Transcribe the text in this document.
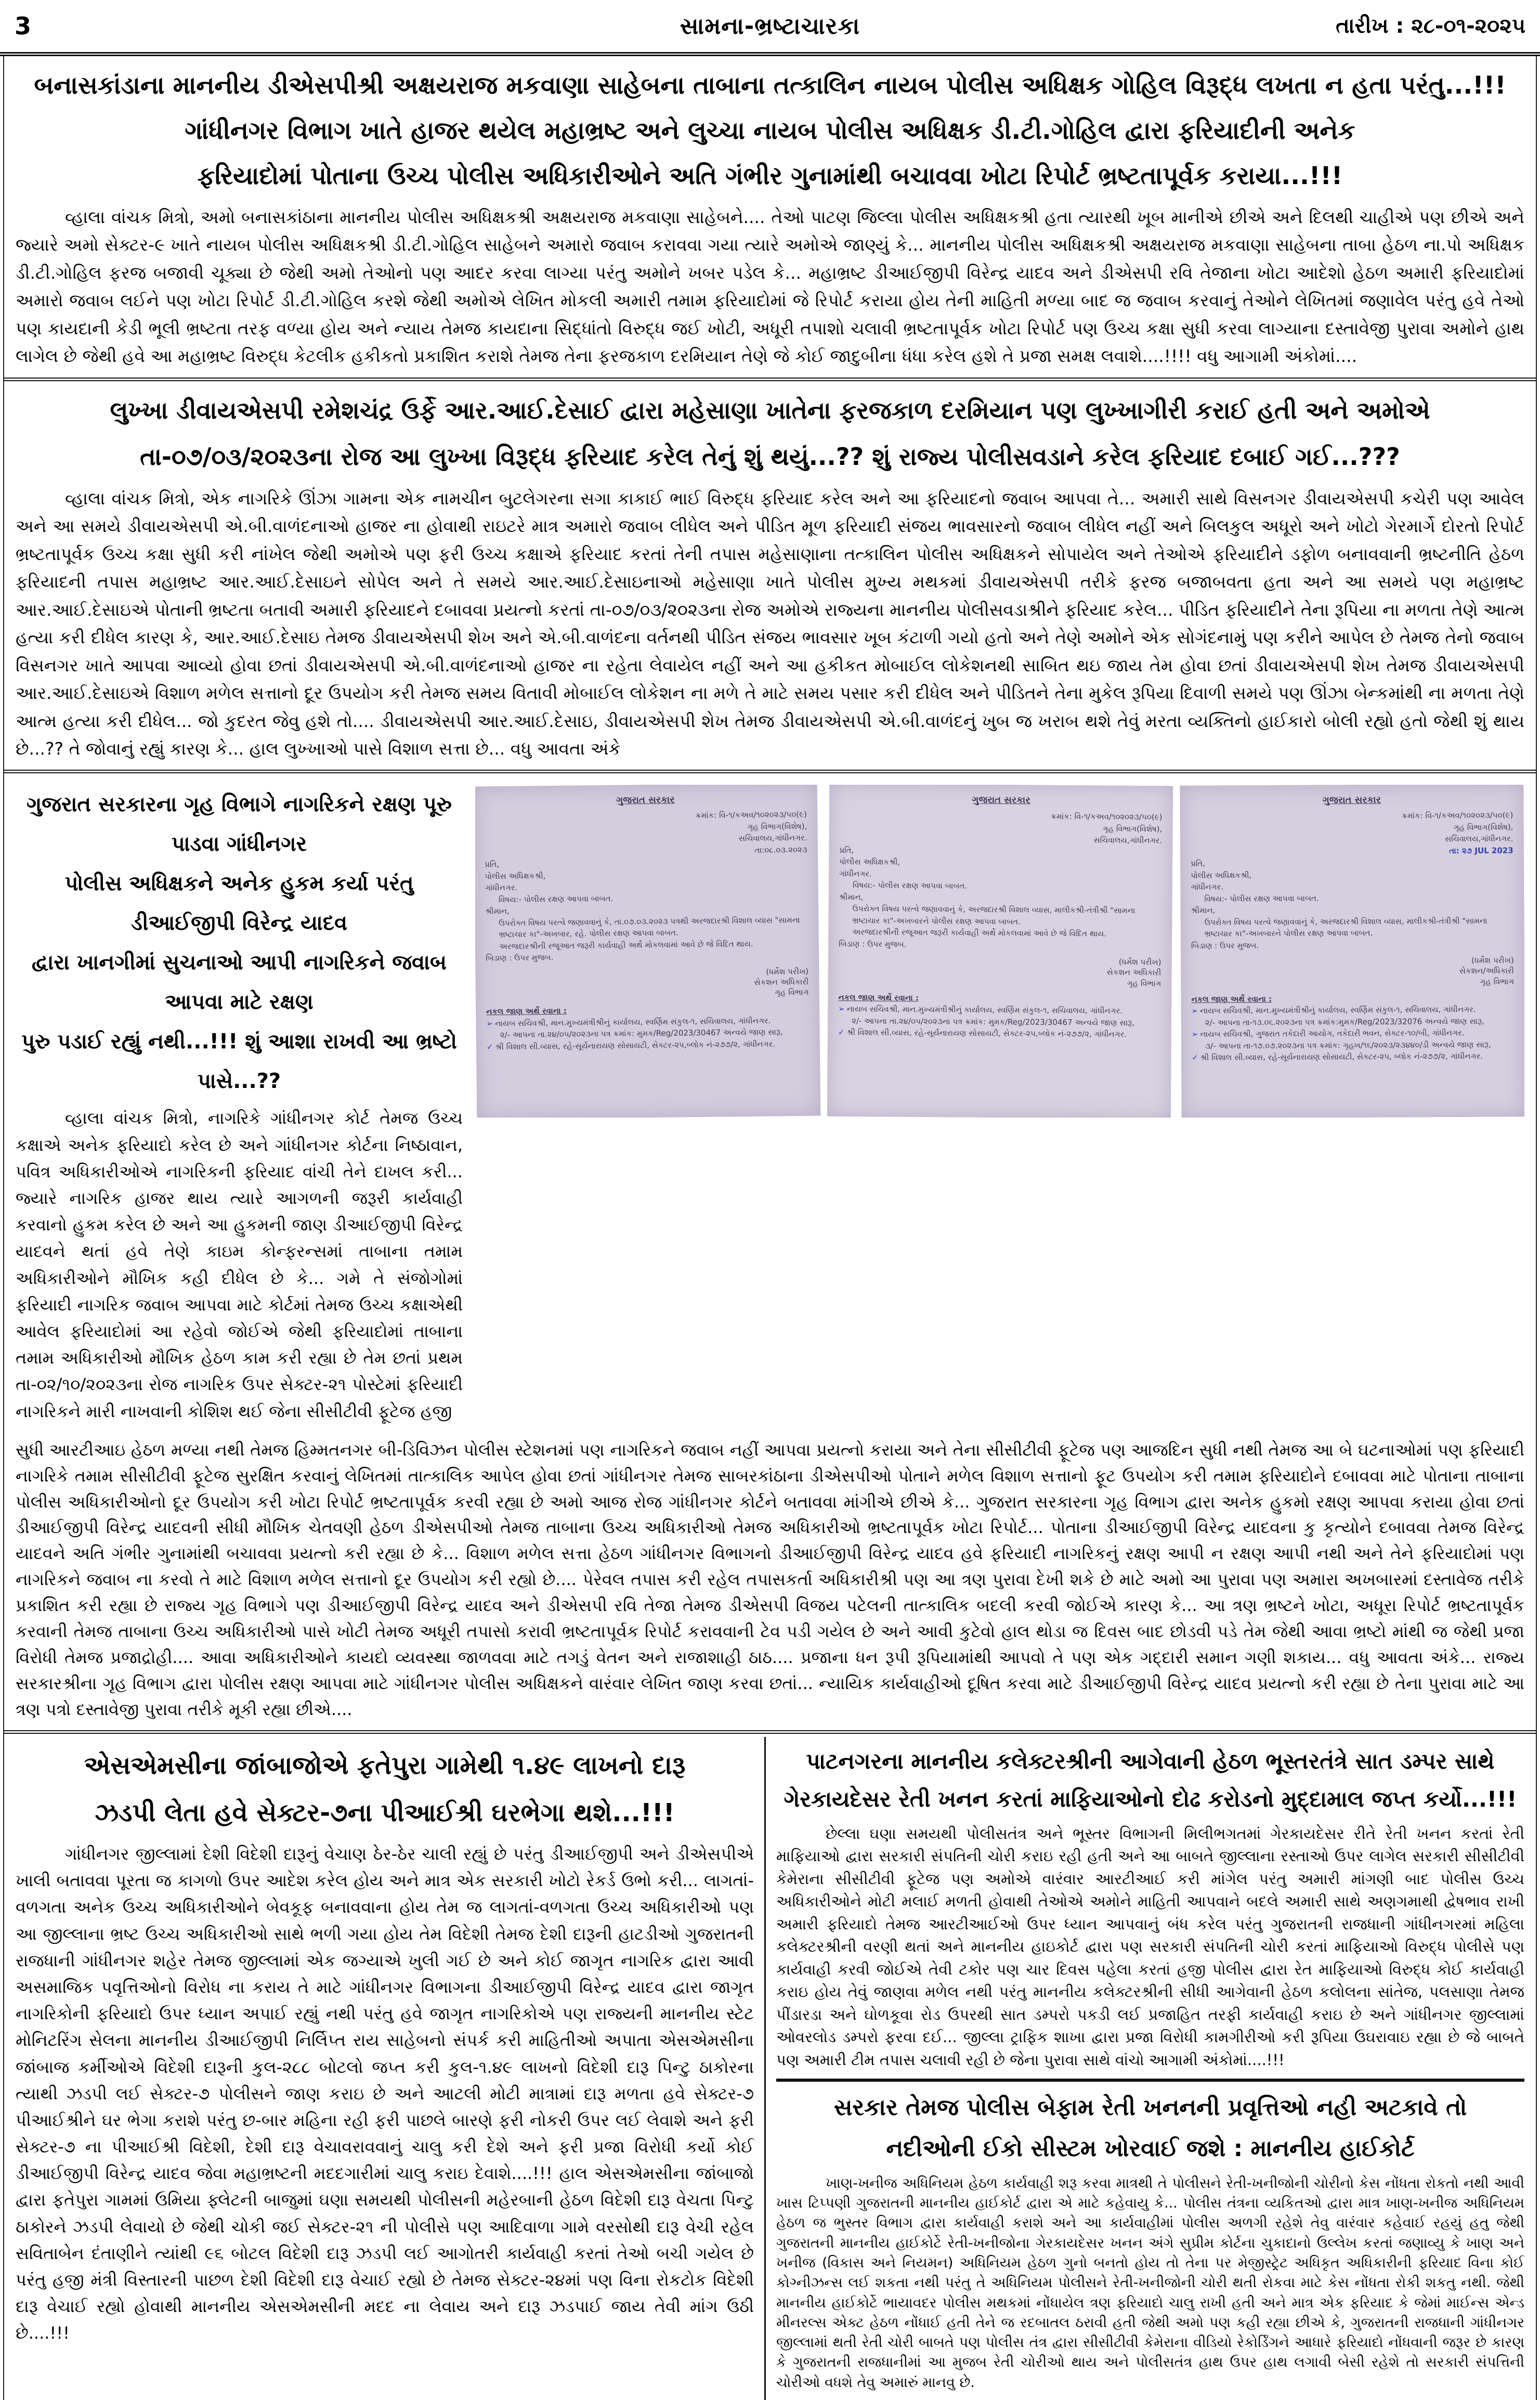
3	સામના-ભ્રષ્ટાચારકા	તારીખ : ૨૮-૦૧-૨૦૨૫
બનાસકાંડાના માનનીય ડીએસપીશ્રી અક્ષયરાજ મકવાણા સાહેબના તાબાના તત્કાલિન નાયબ પોલીસ અધિક્ષક ગોહિલ વિરૂદ્ધ લખતા ન હતા પરંતુ...!!!
ગાંધીનગર વિભાગ ખાતે હાજર થયેલ મહાભ્રષ્ટ અને લુચ્ચા નાયબ પોલીસ અધિક્ષક ડી.ટી.ગોહિલ દ્વારા ફરિયાદીની અનેક
ફરિયાદોમાં પોતાના ઉચ્ચ પોલીસ અધિકારીઓને અતિ ગંભીર ગુનામાંથી બચાવવા ખોટા રિપોર્ટ ભ્રષ્ટતાપૂર્વક કરાયા...!!!

વ્હાલા વાંચક મિત્રો, અમો બનાસકાંઠાના માનનીય પોલીસ અધિક્ષકશ્રી અક્ષયરાજ મકવાણા સાહેબને.... તેઓ પાટણ જિલ્લા પોલીસ અધિક્ષકશ્રી હતા ત્યારથી ખૂબ માનીએ છીએ અને દિલથી ચાહીએ પણ છીએ અને જ્યારે અમો સેક્ટર-૯ ખાતે નાયબ પોલીસ અધિક્ષકશ્રી ડી.ટી.ગોહિલ સાહેબને અમારો જવાબ કરાવવા ગયા ત્યારે અમોએ જાણ્યું કે... માનનીય પોલીસ અધિક્ષકશ્રી અક્ષયરાજ મકવાણા સાહેબના તાબા હેઠળ ના.પો અધિક્ષક ડી.ટી.ગોહિલ ફરજ બજાવી ચૂક્યા છે જેથી અમો તેઓનો પણ આદર કરવા લાગ્યા પરંતુ અમોને ખબર પડેલ કે... મહાભ્રષ્ટ ડીઆઈજીપી વિરેન્દ્ર યાદવ અને ડીએસપી રવિ તેજાના ખોટા આદેશો હેઠળ અમારી ફરિયાદોમાં અમારો જવાબ લઈને પણ ખોટા રિપોર્ટ ડી.ટી.ગોહિલ કરશે જેથી અમોએ લેખિત મોકલી અમારી તમામ ફરિયાદોમાં જે રિપોર્ટ કરાયા હોય તેની માહિતી મળ્યા બાદ જ જવાબ કરવાનું તેઓને લેખિતમાં જણાવેલ પરંતુ હવે તેઓ પણ કાયદાની કેડી ભૂલી ભ્રષ્ટતા તરફ વળ્યા હોય અને ન્યાય તેમજ કાયદાના સિદ્ધાંતો વિરુદ્ધ જઈ ખોટી, અધૂરી તપાશો ચલાવી ભ્રષ્ટતાપૂર્વક ખોટા રિપોર્ટ પણ ઉચ્ચ કક્ષા સુધી કરવા લાગ્યાના દસ્તાવેજી પુરાવા અમોને હાથ લાગેલ છે જેથી હવે આ મહાભ્રષ્ટ વિરુદ્ધ કેટલીક હકીકતો પ્રકાશિત કરાશે તેમજ તેના ફરજકાળ દરમિયાન તેણે જે કોઈ જાદુબીના ધંધા કરેલ હશે તે પ્રજા સમક્ષ લવાશે....!!!! વધુ આગામી અંકોમાં....

લુખ્ખા ડીવાયએસપી રમેશચંદ્ર ઉર્ફે આર.આઈ.દેસાઈ દ્વારા મહેસાણા ખાતેના ફરજકાળ દરમિયાન પણ લુખ્ખાગીરી કરાઈ હતી અને અમોએ
તા-૦૭/૦૩/૨૦૨૩ના રોજ આ લુખ્ખા વિરૂદ્ધ ફરિયાદ કરેલ તેનું શું થયું...?? શું રાજ્ય પોલીસવડાને કરેલ ફરિયાદ દબાઈ ગઈ...???

વ્હાલા વાંચક મિત્રો, એક નાગરિકે ઊંઝા ગામના એક નામચીન બુટલેગરના સગા કાકાઈ ભાઈ વિરુદ્ધ ફરિયાદ કરેલ અને આ ફરિયાદનો જવાબ આપવા તે... અમારી સાથે વિસનગર ડીવાયએસપી કચેરી પણ આવેલ અને આ સમયે ડીવાયએસપી એ.બી.વાળંદનાઓ હાજર ના હોવાથી રાઇટરે માત્ર અમારો જવાબ લીધેલ અને પીડિત મૂળ ફરિયાદી સંજય ભાવસારનો જવાબ લીધેલ નહીં અને બિલકુલ અધૂરો અને ખોટો ગેરમાર્ગે દોરતો રિપોર્ટ ભ્રષ્ટતાપૂર્વક ઉચ્ચ કક્ષા સુધી કરી નાંખેલ જેથી અમોએ પણ ફરી ઉચ્ચ કક્ષાએ ફરિયાદ કરતાં તેની તપાસ મહેસાણાના તત્કાલિન પોલીસ અધિક્ષકને સોપાયેલ અને તેઓએ ફરિયાદીને ડફોળ બનાવવાની ભ્રષ્ટનીતિ હેઠળ ફરિયાદની તપાસ મહાભ્રષ્ટ આર.આઈ.દેસાઇને સોપેલ અને તે સમયે આર.આઈ.દેસાઇનાઓ મહેસાણા ખાતે પોલીસ મુખ્ય મથકમાં ડીવાયએસપી તરીકે ફરજ બજાબવતા હતા અને આ સમયે પણ મહાભ્રષ્ટ આર.આઈ.દેસાઇએ પોતાની ભ્રષ્ટતા બતાવી અમારી ફરિયાદને દબાવવા પ્રયત્નો કરતાં તા-૦૭/૦૩/૨૦૨૩ના રોજ અમોએ રાજ્યના માનનીય પોલીસવડાશ્રીને ફરિયાદ કરેલ... પીડિત ફરિયાદીને તેના રૂપિયા ના મળતા તેણે આત્મ હત્યા કરી દીધેલ કારણ કે, આર.આઈ.દેસાઇ તેમજ ડીવાયએસપી શેખ અને એ.બી.વાળંદના વર્તનથી પીડિત સંજય ભાવસાર ખૂબ કંટાળી ગયો હતો અને તેણે અમોને એક સોગંદનામું પણ કરીને આપેલ છે તેમજ તેનો જવાબ વિસનગર ખાતે આપવા આવ્યો હોવા છતાં ડીવાયએસપી એ.બી.વાળંદનાઓ હાજર ના રહેતા લેવાયેલ નહીં અને આ હકીકત મોબાઈલ લોકેશનથી સાબિત થઇ જાય તેમ હોવા છતાં ડીવાયએસપી શેખ તેમજ ડીવાયએસપી આર.આઈ.દેસાઇએ વિશાળ મળેલ સત્તાનો દૂર ઉપયોગ કરી તેમજ સમય વિતાવી મોબાઈલ લોકેશન ના મળે તે માટે સમય પસાર કરી દીધેલ અને પીડિતને તેના મુકેલ રૂપિયા દિવાળી સમયે પણ ઊંઝા બેન્કમાંથી ના મળતા તેણે આત્મ હત્યા કરી દીધેલ... જો કુદરત જેવુ હશે તો.... ડીવાયએસપી આર.આઈ.દેસાઇ, ડીવાયએસપી શેખ તેમજ ડીવાયએસપી એ.બી.વાળંદનું ખુબ જ ખરાબ થશે તેવું મરતા વ્યક્તિનો હાઈકારો બોલી રહ્યો હતો જેથી શું થાય છે...?? તે જોવાનું રહ્યું કારણ કે... હાલ લુખ્ખાઓ પાસે વિશાળ સત્તા છે... વધુ આવતા અંકે

ગુજરાત સરકારના ગૃહ વિભાગે નાગરિકને રક્ષણ પૂરુ પાડવા ગાંધીનગર
પોલીસ અધિક્ષકને અનેક હુકમ કર્યા પરંતુ ડીઆઈજીપી વિરેન્દ્ર યાદવ
દ્વારા ખાનગીમાં સુચનાઓ આપી નાગરિકને જવાબ આપવા માટે રક્ષણ
પુરુ પડાઈ રહ્યું નથી...!!! શું આશા રાખવી આ ભ્રષ્ટો પાસે...??

વ્હાલા વાંચક મિત્રો, નાગરિકે ગાંધીનગર કોર્ટ તેમજ ઉચ્ચ કક્ષાએ અનેક ફરિયાદો કરેલ છે અને ગાંધીનગર કોર્ટના નિષ્ઠાવાન, પવિત્ર અધિકારીઓએ નાગરિકની ફરિયાદ વાંચી તેને દાખલ કરી... જ્યારે નાગરિક હાજર થાય ત્યારે આગળની જરૂરી કાર્યવાહી કરવાનો હુકમ કરેલ છે અને આ હુકમની જાણ ડીઆઈજીપી વિરેન્દ્ર યાદવને થતાં હવે તેણે કાઇમ કોન્ફરન્સમાં તાબાના તમામ અધિકારીઓને મૌખિક કહી દીધેલ છે કે... ગમે તે સંજોગોમાં ફરિયાદી નાગરિક જવાબ આપવા માટે કોર્ટમાં તેમજ ઉચ્ચ કક્ષાએથી આવેલ ફરિયાદોમાં આ રહેવો જોઈએ જેથી ફરિયાદોમાં તાબાના તમામ અધિકારીઓ મૌખિક હેઠળ કામ કરી રહ્યા છે તેમ છતાં પ્રથમ તા-૦૨/૧૦/૨૦૨૩ના રોજ નાગરિક ઉપર સેક્ટર-૨૧ પોસ્ટેમાં ફરિયાદી નાગરિકને મારી નાખવાની કોશિશ થઈ જેના સીસીટીવી ફૂટેજ હજી

ગુજરાત સરકાર
ક્રમાંક: વિ-૧/કઅવ/૧૦૨૦૨૩/૫૦(૯)
ગૃહ વિભાગ(વિશેષ),
સચિવાલય,ગાંધીનગર.
તા:૦૮.૦૩.૨૦૨૩
પ્રતિ,
પોલીસ અધિક્ષકશ્રી,
ગાંધીનગર.
વિષય:- પોલીસ રક્ષણ આપવા બાબત.
શ્રીમાન,
ઉપરોક્ત વિષય પરત્વે જણાવવાનું કે, તા.૦૭.૦૩.૨૦૨૩ પત્રથી અરજદારશ્રી વિશાલ વ્યાસ "સામના ભ્રષ્ટાચાર કા"-અખબાર, રહે. પોલીસ રક્ષણ આપવા બાબત.
અરજદારશ્રીની રજૂઆત જરૂરી કાર્યવાહી અર્થે મોકલવામાં આવે છે જે વિદિત થાય.
બિડાણ : ઉપર મુજબ.
(ધર્મેશ પરીખ)
સેકશન અધિકારી
ગૃહ વિભાગ
નકલ જાણ અર્થે રવાના :
➢ નાયબ સચિવશ્રી, માન.મુખ્યમંત્રીશ્રીનું કાર્યાલય, સ્વર્ણિમ સંકુલ-૧, સચિવાલય, ગાંધીનગર.
૨/- આપના તા.૨૪/૦૫/૨૦૨૩ના પત્ર ક્રમાંક: મુમક/Reg/2023/30467 અન્વયે જાણ સારૂ,
✓ શ્રી વિશાલ સી.વ્યાસ, રહે-સૂર્યનારાયણ સોસાયટી, સેક્ટર-૨૫,બ્લોક નં-૨૭૭/૨, ગાંધીનગર.
ગુજરાત સરકાર
ક્રમાંક: વિ-૧/કઅવ/૧૦૨૦૨૩/૫૦(૯)
ગૃહ વિભાગ(વિશેષ),
સચિવાલય,ગાંધીનગર.
પ્રતિ,
પોલીસ અધિક્ષકશ્રી,
ગાંધીનગર.
વિષય:- પોલીસ રક્ષણ આપવા બાબત.
શ્રીમાન,
ઉપરોક્ત વિષય પરત્વે જણાવવાનું કે, અરજદારશ્રી વિશાલ વ્યાસ, માલીકશ્રી-તંત્રીશ્રી "સામના ભ્રષ્ટાચાર કા"-અખબારને પોલીસ રક્ષણ આપવા બાબત.
અરજદારશ્રીની રજૂઆત જરૂરી કાર્યવાહી અર્થે મોકલવામાં આવે છે જે વિદિત થાય.
બિડાણ : ઉપર મુજબ.
(ધર્મેશ પરીખ)
સેકશન અધિકારી
ગૃહ વિભાગ
નકલ જાણ અર્થે રવાના :
➢ નાયબ સચિવશ્રી, માન.મુખ્યમંત્રીશ્રીનું કાર્યાલય, સ્વર્ણિમ સંકુલ-૧, સચિવાલય, ગાંધીનગર.
૨/- આપના તા.૨૪/૦૫/૨૦૨૩ના પત્ર ક્રમાંક: મુમક/Reg/2023/30467 અન્વયે જાણ સારૂ,
✓ શ્રી વિશાલ સી.વ્યાસ, રહે-સૂર્યનારાયણ સોસાયટી, સેક્ટર-૨૫,બ્લોક નં-૨૭૭/૨, ગાંધીનગર.
ગુજરાત સરકાર
ક્રમાંક: વિ-૧/કઅવ/૧૦૨૦૨૩/૫૦(૯)
ગૃહ વિભાગ(વિશેષ),
સચિવાલય,ગાંધીનગર.
તા: ૨૭ JUL 2023
પ્રતિ,
પોલીસ અધિક્ષકશ્રી,
ગાંધીનગર.
વિષય:- પોલીસ રક્ષણ આપવા બાબત.
શ્રીમાન,
ઉપરોક્ત વિષય પરત્વે જણાવવાનું કે, અરજદારશ્રી વિશાલ વ્યાસ, માલીકશ્રી-તંત્રીશ્રી "સામના ભ્રષ્ટાચાર કા"-અખબારને પોલીસ રક્ષણ આપવા બાબત.
બિડાણ : ઉપર મુજબ.
(ધર્મેશ પરીખ)
સેકશન/અધિકારી
ગૃહ વિભાગ
નકલ જાણ અર્થે રવાના :
➢ નાયબ સચિવશ્રી, માન.મુખ્યમંત્રીશ્રીનું કાર્યાલય, સ્વર્ણિમ સંકુલ-૧, સચિવાલય, ગાંધીનગર.
૨/- આપના તા-૧૩.૦૬.૨૦૨૩ના પત્ર ક્રમાંક:મુમક/Reg/2023/32076 અન્વયે જાણ સારૂ,
➢ નાયબ સચિવશ્રી, ગુજરાત તકેદારી આયોગ, તકેદારી ભવન, સેક્ટર-૧૦/બી, ગાંધીનગર.
૩/- આપના તા-૧૭.૦૭.૨૦૨૩ના પત્ર ક્રમાંક: ગૃહખ/૧૬/૨૦૨૩/૨૩૪૪૦/ડી અન્વયે જાણ સારૂ,
✓ શ્રી વિશાલ સી.વ્યાસ, રહે-સૂર્યનારાયણ સોસાયટી, સેક્ટર-૨૫, બ્લોક નં-૨૭૭/૨, ગાંધીનગર.

સુધી આરટીઆઇ હેઠળ મળ્યા નથી તેમજ હિમ્મતનગર બી-ડિવિઝન પોલીસ સ્ટેશનમાં પણ નાગરિકને જવાબ નહીં આપવા પ્રયત્નો કરાયા અને તેના સીસીટીવી ફૂટેજ પણ આજદિન સુધી નથી તેમજ આ બે ઘટનાઓમાં પણ ફરિયાદી નાગરિકે તમામ સીસીટીવી ફૂટેજ સુરક્ષિત કરવાનું લેખિતમાં તાત્કાલિક આપેલ હોવા છતાં ગાંધીનગર તેમજ સાબરકાંઠાના ડીએસપીઓ પોતાને મળેલ વિશાળ સત્તાનો ફૂટ ઉપયોગ કરી તમામ ફરિયાદોને દબાવવા માટે પોતાના તાબાના પોલીસ અધિકારીઓનો દૂર ઉપયોગ કરી ખોટા રિપોર્ટ ભ્રષ્ટતાપૂર્વક કરવી રહ્યા છે અમો આજ રોજ ગાંધીનગર કોર્ટને બતાવવા માંગીએ છીએ કે... ગુજરાત સરકારના ગૃહ વિભાગ દ્વારા અનેક હુકમો રક્ષણ આપવા કરાયા હોવા છતાં ડીઆઈજીપી વિરેન્દ્ર યાદવની સીધી મૌખિક ચેતવણી હેઠળ ડીએસપીઓ તેમજ તાબાના ઉચ્ચ અધિકારીઓ તેમજ અધિકારીઓ ભ્રષ્ટતાપૂર્વક ખોટા રિપોર્ટ... પોતાના ડીઆઈજીપી વિરેન્દ્ર યાદવના કુ કૃત્યોને દબાવવા તેમજ વિરેન્દ્ર યાદવને અતિ ગંભીર ગુનામાંથી બચાવવા પ્રયત્નો કરી રહ્યા છે કે... વિશાળ મળેલ સત્તા હેઠળ ગાંધીનગર વિભાગનો ડીઆઈજીપી વિરેન્દ્ર યાદવ હવે ફરિયાદી નાગરિકનું રક્ષણ આપી ન રક્ષણ આપી નથી અને તેને ફરિયાદોમાં પણ નાગરિકને જવાબ ના કરવો તે માટે વિશાળ મળેલ સત્તાનો દૂર ઉપયોગ કરી રહ્યો છે.... પેરેવલ તપાસ કરી રહેલ તપાસકર્તા અધિકારીશ્રી પણ આ ત્રણ પુરાવા દેખી શકે છે માટે અમો આ પુરાવા પણ અમારા અખબારમાં દસ્તાવેજ તરીકે પ્રકાશિત કરી રહ્યા છે રાજ્ય ગૃહ વિભાગે પણ ડીઆઈજીપી વિરેન્દ્ર યાદવ અને ડીએસપી રવિ તેજા તેમજ ડીએસપી વિજય પટેલની તાત્કાલિક બદલી કરવી જોઈએ કારણ કે... આ ત્રણ ભ્રષ્ટને ખોટા, અધૂરા રિપોર્ટ ભ્રષ્ટતાપૂર્વક કરવાની તેમજ તાબાના ઉચ્ચ અધિકારીઓ પાસે ખોટી તેમજ અધૂરી તપાસો કરાવી ભ્રષ્ટતાપૂર્વક રિપોર્ટ કરાવવાની ટેવ પડી ગયેલ છે અને આવી કુટેવો હાલ થોડા જ દિવસ બાદ છોડવી પડે તેમ જેથી આવા ભ્રષ્ટો માંથી જ જેથી પ્રજા વિરોધી તેમજ પ્રજાદ્રોહી.... આવા અધિકારીઓને કાયદો વ્યવસ્થા જાળવવા માટે તગડું વેતન અને રાજાશાહી ઠાઠ.... પ્રજાના ધન રૂપી રૂપિયામાંથી આપવો તે પણ એક ગદ્દારી સમાન ગણી શકાય... વધુ આવતા અંકે... રાજ્ય સરકારશ્રીના ગૃહ વિભાગ દ્વારા પોલીસ રક્ષણ આપવા માટે ગાંધીનગર પોલીસ અધિક્ષકને વારંવાર લેખિત જાણ કરવા છતાં... ન્યાયિક કાર્યવાહીઓ દૂષિત કરવા માટે ડીઆઈજીપી વિરેન્દ્ર યાદવ પ્રયત્નો કરી રહ્યા છે તેના પુરાવા માટે આ ત્રણ પત્રો દસ્તાવેજી પુરાવા તરીકે મૂકી રહ્યા છીએ....

એસએમસીના જાંબાજોએ ફતેપુરા ગામેથી ૧.૪૯ લાખનો દારૂ
ઝડપી લેતા હવે સેક્ટર-૭ના પીઆઈશ્રી ઘરભેગા થશે...!!!

ગાંધીનગર જીલ્લામાં દેશી વિદેશી દારૂનું વેચાણ ઠેર-ઠેર ચાલી રહ્યું છે પરંતુ ડીઆઈજીપી અને ડીએસપીએ ખાલી બતાવવા પૂરતા જ કાગળો ઉપર આદેશ કરેલ હોય અને માત્ર એક સરકારી ખોટો રેકર્ડ ઉભો કરી... લાગતાં-વળગતા અનેક ઉચ્ચ અધિકારીઓને બેવકૂફ બનાવવાના હોય તેમ જ લાગતાં-વળગતા ઉચ્ચ અધિકારીઓ પણ આ જીલ્લાના ભ્રષ્ટ ઉચ્ચ અધિકારીઓ સાથે ભળી ગયા હોય તેમ વિદેશી તેમજ દેશી દારૂની હાટડીઓ ગુજરાતની રાજધાની ગાંધીનગર શહેર તેમજ જીલ્લામાં એક જગ્યાએ ખુલી ગઈ છે અને કોઈ જાગૃત નાગરિક દ્વારા આવી અસમાજિક પવૃત્તિઓનો વિરોધ ના કરાય તે માટે ગાંધીનગર વિભાગના ડીઆઈજીપી વિરેન્દ્ર યાદવ દ્વારા જાગૃત નાગરિકોની ફરિયાદો ઉપર ધ્યાન અપાઈ રહ્યું નથી પરંતુ હવે જાગૃત નાગરિકોએ પણ રાજ્યની માનનીય સ્ટેટ મોનિટરિંગ સેલના માનનીય ડીઆઈજીપી નિર્લિપ્ત રાય સાહેબનો સંપર્ક કરી માહિતીઓ અપાતા એસએમસીના જાંબાજ કર્મીઓએ વિદેશી દારૂની કુલ-૨૮૮ બોટલો જપ્ત કરી કુલ-૧.૪૯ લાખનો વિદેશી દારૂ પિન્ટુ ઠાકોરના ત્યાથી ઝડપી લઈ સેક્ટર-૭ પોલીસને જાણ કરાઇ છે અને આટલી મોટી માત્રામાં દારૂ મળતા હવે સેક્ટર-૭ પીઆઈશ્રીને ઘર ભેગા કરાશે પરંતુ છ-બાર મહિના રહી ફરી પાછલે બારણે ફરી નોકરી ઉપર લઈ લેવાશે અને ફરી સેક્ટર-૭ ના પીઆઈશ્રી વિદેશી, દેશી દારૂ વેચાવરાવવાનું ચાલુ કરી દેશે અને ફરી પ્રજા વિરોધી કર્યો કોઈ ડીઆઈજીપી વિરેન્દ્ર યાદવ જેવા મહાભ્રષ્ટની મદદગારીમાં ચાલુ કરાઇ દેવાશે....!!! હાલ એસએમસીના જાંબાજો દ્વારા ફતેપુરા ગામમાં ઉમિયા ફ્લેટની બાજુમાં ઘણા સમયથી પોલીસની મહેરબાની હેઠળ વિદેશી દારૂ વેચતા પિન્ટુ ઠાકોરને ઝડપી લેવાયો છે જેથી ચોકી જઈ સેક્ટર-૨૧ ની પોલીસે પણ આદિવાળા ગામે વરસોથી દારૂ વેચી રહેલ સવિતાબેન દંતાણીને ત્યાંથી ૯૬ બોટલ વિદેશી દારૂ ઝડપી લઈ આગોતરી કાર્યવાહી કરતાં તેઓ બચી ગયેલ છે પરંતુ હજી મંત્રી વિસ્તારની પાછળ દેશી વિદેશી દારૂ વેચાઈ રહ્યો છે તેમજ સેક્ટર-૨૪માં પણ વિના રોકટોક વિદેશી દારૂ વેચાઈ રહ્યો હોવાથી માનનીય એસએમસીની મદદ ના લેવાય અને દારૂ ઝડપાઈ જાય તેવી માંગ ઉઠી છે....!!!

પાટનગરના માનનીય કલેક્ટરશ્રીની આગેવાની હેઠળ ભૂસ્તરતંત્રે સાત ડમ્પર સાથે
ગેરકાયદેસર રેતી ખનન કરતાં માફિયાઓનો દોઢ કરોડનો મુદ્દામાલ જપ્ત કર્યો...!!!

છેલ્લા ઘણા સમયથી પોલીસતંત્ર અને ભૂસ્તર વિભાગની મિલીભગતમાં ગેરકાયદેસર રીતે રેતી ખનન કરતાં રેતી માફિયાઓ દ્વારા સરકારી સંપતિની ચોરી કરાઇ રહી હતી અને આ બાબતે જીલ્લાના રસ્તાઓ ઉપર લાગેલ સરકારી સીસીટીવી કેમેરાના સીસીટીવી ફૂટેજ પણ અમોએ વારંવાર આરટીઆઈ કરી માંગેલ પરંતુ અમારી માંગણી બાદ પોલીસ ઉચ્ચ અધિકારીઓને મોટી મલાઈ મળતી હોવાથી તેઓએ અમોને માહિતી આપવાને બદલે અમારી સાથે અણગમાથી દ્વેષભાવ રાખી અમારી ફરિયાદો તેમજ આરટીઆઈઓ ઉપર ધ્યાન આપવાનું બંધ કરેલ પરંતુ ગુજરાતની રાજધાની ગાંધીનગરમાં મહિલા કલેક્ટરશ્રીની વરણી થતાં અને માનનીય હાઇકોર્ટ દ્વારા પણ સરકારી સંપતિની ચોરી કરતાં માફિયાઓ વિરુદ્ધ પોલીસે પણ કાર્યવાહી કરવી જોઈએ તેવી ટકોર પણ ચાર દિવસ પહેલા કરતાં હજી પોલીસ દ્વારા રેત માફિયાઓ વિરુદ્ધ કોઈ કાર્યવાહી કરાઇ હોય તેવું જાણવા મળેલ નથી પરંતુ માનનીય કલેક્ટરશ્રીની સીધી આગેવાની હેઠળ કલોલના સાંતેજ, પલસાણા તેમજ પીંડારડા અને ઘોળકૂવા રોડ ઉપરથી સાત ડમ્પરો પકડી લઈ પ્રજાહિત તરફી કાર્યવાહી કરાઇ છે અને ગાંધીનગર જીલ્લામાં ઓવરલોડ ડમ્પરો ફરવા દઈ... જીલ્લા ટ્રાફિક શાખા દ્વારા પ્રજા વિરોધી કામગીરીઓ કરી રૂપિયા ઉઘરાવાઇ રહ્યા છે જે બાબતે પણ અમારી ટીમ તપાસ ચલાવી રહી છે જેના પુરાવા સાથે વાંચો આગામી અંકોમાં....!!!

સરકાર તેમજ પોલીસ બેફામ રેતી ખનનની પ્રવૃત્તિઓ નહી અટકાવે તો
નદીઓની ઈકો સીસ્ટમ ખોરવાઈ જશે : માનનીય હાઈકોર્ટ

ખાણ-ખનીજ અધિનિયમ હેઠળ કાર્યવાહી શરૂ કરવા માત્રથી તે પોલીસને રેતી-ખનીજોની ચોરીનો કેસ નોંધતા રોકતો નથી આવી ખાસ ટિપ્પણી ગુજરાતની માનનીય હાઈકોર્ટ દ્વારા એ માટે કહેવાયુ કે... પોલીસ તંત્રના વ્યકિતઓ દ્વારા માત્ર ખાણ-ખનીજ અધિનિયમ હેઠળ જ ભુસ્તર વિભાગ દ્વારા કાર્યવાહી કરાશે અને આ કાર્યવાહીમાં પોલીસ અળગી રહેશે તેવુ વારંવાર કહેવાઈ રહયું હતુ જેથી ગુજરાતની માનનીય હાઈકોર્ટે રેતી-ખનીજોના ગેરકાયદેસર ખનન અંગે સુપ્રીમ કોર્ટના ચુકાદાનો ઉલ્લેખ કરતાં જણાવ્યુ કે ખાણ અને ખનીજ (વિકાસ અને નિયમન) અધિનિયમ હેઠળ ગુનો બનતો હોય તો તેના પર મેજીસ્ટ્રેટ અધિકૃત અધિકારીની ફરિયાદ વિના કોઈ કોગ્નીઝન્સ લઈ શકતા નથી પરંતુ તે અધિનિયમ પોલીસને રેતી-ખનીજોની ચોરી થતી રોકવા માટે કેસ નોંધતા રોકી શકતુ નથી. જેથી માનનીય હાઈકોર્ટે ભાયાવદર પોલીસ મથકમાં નોંધાયેલ ત્રણ ફરિયાદો ચાલુ રાખી હતી અને માત્ર એક ફરિયાદ કે જેમાં માઈન્સ એન્ડ મીનરલ્સ એક્ટ હેઠળ નોંધાઈ હતી તેને જ રદબાતલ ઠરાવી હતી જેથી અમો પણ કહી રહ્યા છીએ કે, ગુજરાતની રાજધાની ગાંધીનગર જીલ્લામાં થતી રેતી ચોરી બાબતે પણ પોલીસ તંત્ર દ્વારા સીસીટીવી કેમેરાના વીડિયો રેકોર્ડિંગને આધારે ફરિયાદો નોંધવાની જરૂર છે કારણ કે ગુજરાતની રાજધાનીમાં આ મુજબ રેતી ચોરીઓ થાય અને પોલીસતંત્ર હાથ ઉપર હાથ લગાવી બેસી રહેશે તો સરકારી સંપત્તિની ચોરીઓ વધશે તેવુ અમારું માનવુ છે.
